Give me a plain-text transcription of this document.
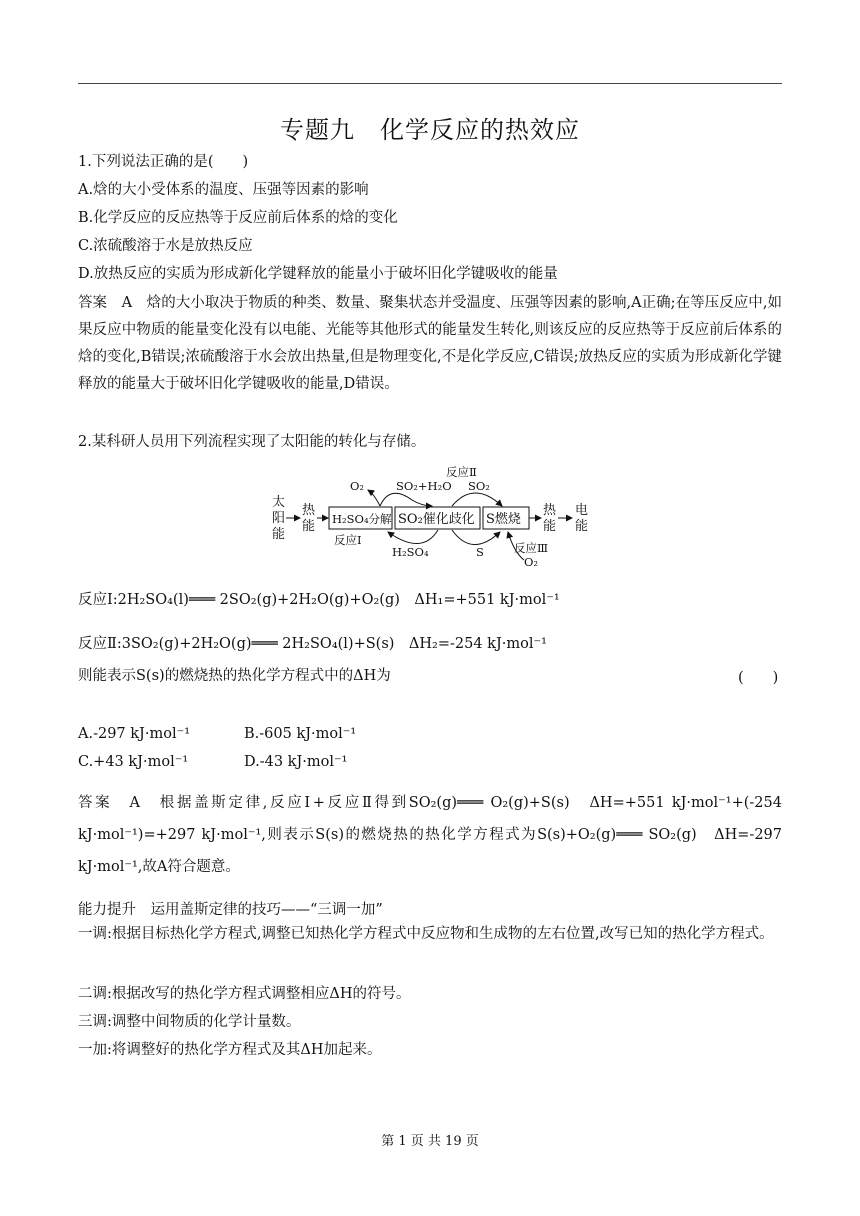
专题九　化学反应的热效应
1.下列说法正确的是(　　)
A.焓的大小受体系的温度、压强等因素的影响
B.化学反应的反应热等于反应前后体系的焓的变化
C.浓硫酸溶于水是放热反应
D.放热反应的实质为形成新化学键释放的能量小于破坏旧化学键吸收的能量
答案　A　焓的大小取决于物质的种类、数量、聚集状态并受温度、压强等因素的影响,A正确;在等压反应中,如果反应中物质的能量变化没有以电能、光能等其他形式的能量发生转化,则该反应的反应热等于反应前后体系的焓的变化,B错误;浓硫酸溶于水会放出热量,但是物理变化,不是化学反应,C错误;放热反应的实质为形成新化学键释放的能量大于破坏旧化学键吸收的能量,D错误。
2.某科研人员用下列流程实现了太阳能的转化与存储。
太
阳
能
热
能 H₂SO₄分解 SO₂催化歧化 S燃烧
热
能
电
能
O₂	SO₂+H₂O
反应Ⅱ
SO₂
反应Ⅰ
H₂SO₄	S	反应Ⅲ
O₂
反应Ⅰ:2H₂SO₄(l)═══ 2SO₂(g)+2H₂O(g)+O₂(g)　ΔH₁=+551 kJ·mol⁻¹
反应Ⅱ:3SO₂(g)+2H₂O(g)═══ 2H₂SO₄(l)+S(s)　ΔH₂=-254 kJ·mol⁻¹
则能表示S(s)的燃烧热的热化学方程式中的ΔH为	(　　)
A.-297 kJ·mol⁻¹	B.-605 kJ·mol⁻¹
C.+43 kJ·mol⁻¹	D.-43 kJ·mol⁻¹
答案　A　根据盖斯定律,反应Ⅰ+反应Ⅱ得到SO₂(g)═══ O₂(g)+S(s)　ΔH=+551 kJ·mol⁻¹+(-254 kJ·mol⁻¹)=+297 kJ·mol⁻¹,则表示S(s)的燃烧热的热化学方程式为S(s)+O₂(g)═══ SO₂(g)　ΔH=-297 kJ·mol⁻¹,故A符合题意。
能力提升　运用盖斯定律的技巧——“三调一加”
一调:根据目标热化学方程式,调整已知热化学方程式中反应物和生成物的左右位置,改写已知的热化学方程式。
二调:根据改写的热化学方程式调整相应ΔH的符号。
三调:调整中间物质的化学计量数。
一加:将调整好的热化学方程式及其ΔH加起来。
第 1 页 共 19 页
